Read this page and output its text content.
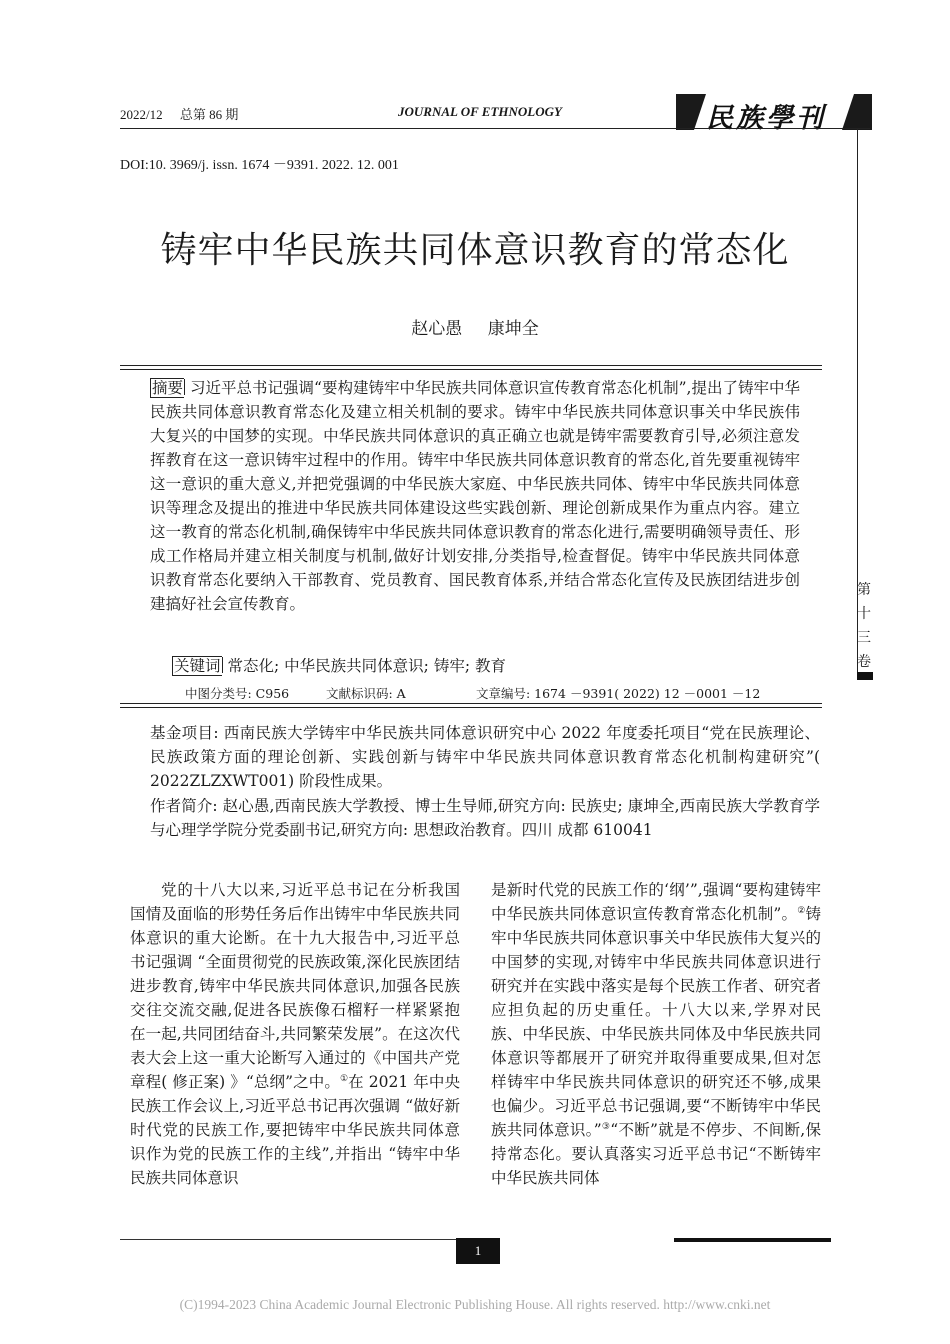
2022/12 总第 86 期	JOURNAL OF ETHNOLOGY	民族學刊
DOI:10. 3969/j. issn. 1674 －9391. 2022. 12. 001
铸牢中华民族共同体意识教育的常态化
赵心愚 康坤全
摘要 习近平总书记强调“要构建铸牢中华民族共同体意识宣传教育常态化机制”,提出了铸牢中华民族共同体意识教育常态化及建立相关机制的要求。铸牢中华民族共同体意识事关中华民族伟大复兴的中国梦的实现。中华民族共同体意识的真正确立也就是铸牢需要教育引导,必须注意发挥教育在这一意识铸牢过程中的作用。铸牢中华民族共同体意识教育的常态化,首先要重视铸牢这一意识的重大意义,并把党强调的中华民族大家庭、中华民族共同体、铸牢中华民族共同体意识等理念及提出的推进中华民族共同体建设这些实践创新、理论创新成果作为重点内容。建立这一教育的常态化机制,确保铸牢中华民族共同体意识教育的常态化进行,需要明确领导责任、形成工作格局并建立相关制度与机制,做好计划安排,分类指导,检查督促。铸牢中华民族共同体意识教育常态化要纳入干部教育、党员教育、国民教育体系,并结合常态化宣传及民族团结进步创建搞好社会宣传教育。
关键词 常态化; 中华民族共同体意识; 铸牢; 教育
中图分类号: C956	文献标识码: A	文章编号: 1674 －9391( 2022) 12 －0001 －12
基金项目: 西南民族大学铸牢中华民族共同体意识研究中心 2022 年度委托项目“党在民族理论、民族政策方面的理论创新、实践创新与铸牢中华民族共同体意识教育常态化机制构建研究”( 2022ZLZXWT001) 阶段性成果。
作者简介: 赵心愚,西南民族大学教授、博士生导师,研究方向: 民族史; 康坤全,西南民族大学教育学与心理学学院分党委副书记,研究方向: 思想政治教育。四川 成都 610041
第十三卷
党的十八大以来,习近平总书记在分析我国国情及面临的形势任务后作出铸牢中华民族共同体意识的重大论断。在十九大报告中,习近平总书记强调 “全面贯彻党的民族政策,深化民族团结进步教育,铸牢中华民族共同体意识,加强各民族交往交流交融,促进各民族像石榴籽一样紧紧抱在一起,共同团结奋斗,共同繁荣发展”。在这次代表大会上这一重大论断写入通过的《中国共产党章程( 修正案) 》“总纲”之中。①在 2021 年中央民族工作会议上,习近平总书记再次强调 “做好新时代党的民族工作,要把铸牢中华民族共同体意识作为党的民族工作的主线”,并指出 “铸牢中华民族共同体意识
是新时代党的民族工作的‘纲’”,强调“要构建铸牢中华民族共同体意识宣传教育常态化机制”。②铸牢中华民族共同体意识事关中华民族伟大复兴的中国梦的实现,对铸牢中华民族共同体意识进行研究并在实践中落实是每个民族工作者、研究者应担负起的历史重任。十八大以来,学界对民族、中华民族、中华民族共同体及中华民族共同体意识等都展开了研究并取得重要成果,但对怎样铸牢中华民族共同体意识的研究还不够,成果也偏少。习近平总书记强调,要“不断铸牢中华民族共同体意识。”③“不断”就是不停步、不间断,保持常态化。要认真落实习近平总书记“不断铸牢中华民族共同体
1
(C)1994-2023 China Academic Journal Electronic Publishing House. All rights reserved. http://www.cnki.net
